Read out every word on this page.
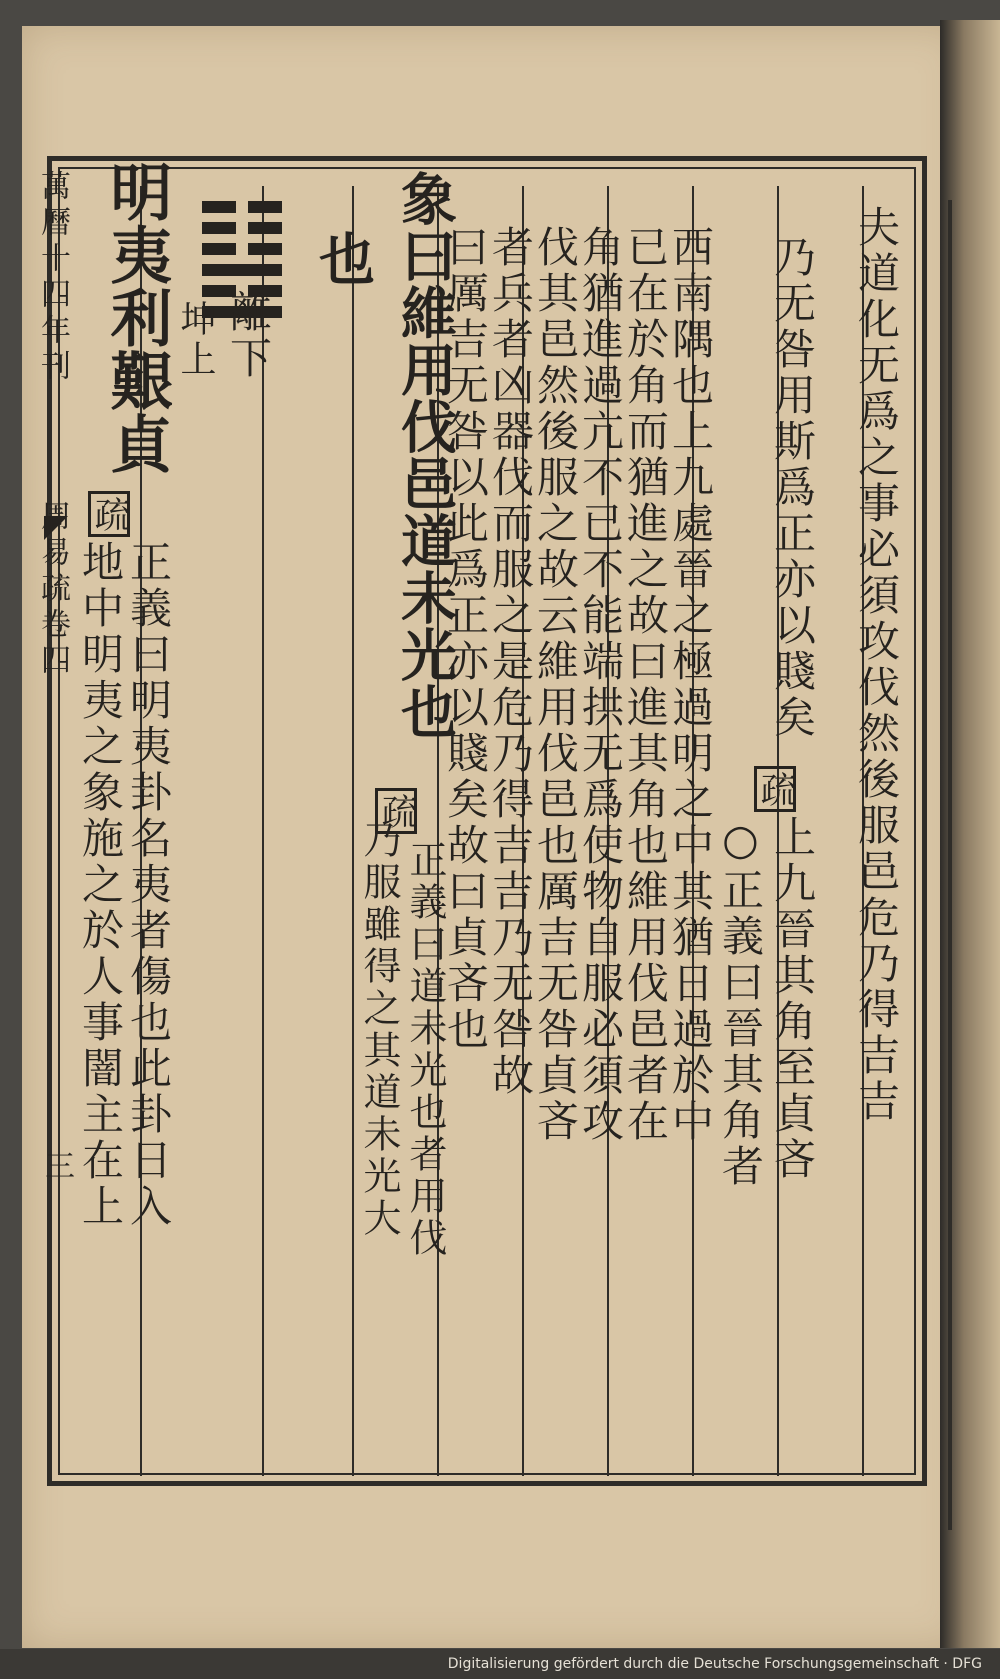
萬曆十四年刊
周易疏卷四
三
夫道化无爲之事必須攻伐然後服邑危乃得吉吉
乃无咎用斯爲正亦以賤矣
疏
上九晉其角至貞吝
○正義曰晉其角者
西南隅也上九處晉之極過明之中其猶日過於中
已在於角而猶進之故曰進其角也維用伐邑者在
角猶進過亢不已不能端拱无爲使物自服必須攻
伐其邑然後服之故云維用伐邑也厲吉无咎貞吝
者兵者凶器伐而服之是危乃得吉吉乃无咎故
曰厲吉无咎以此爲正亦以賤矣故曰貞吝也
象曰維用伐邑道未光也
疏
正義曰道未光也者用伐
乃服雖得之其道未光大
也
離下
坤上
明夷利艱貞
疏
正義曰明夷卦名夷者傷也此卦日入
地中明夷之象施之於人事闇主在上
Digitalisierung gefördert durch die Deutsche Forschungsgemeinschaft · DFG
